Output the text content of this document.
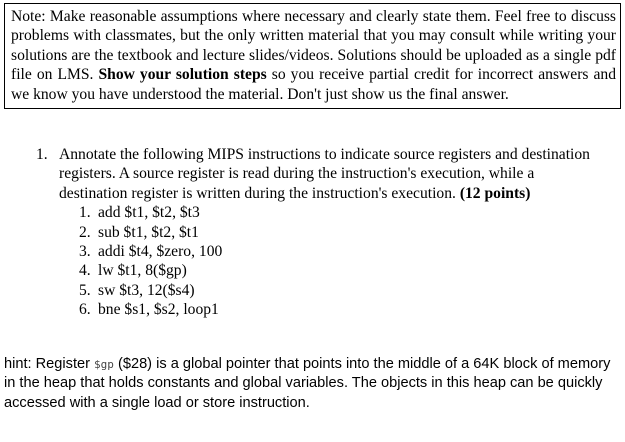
Note: Make reasonable assumptions where necessary and clearly state them. Feel free to discuss problems with classmates, but the only written material that you may consult while writing your solutions are the textbook and lecture slides/videos. Solutions should be uploaded as a single pdf file on LMS. Show your solution steps so you receive partial credit for incorrect answers and we know you have understood the material. Don't just show us the final answer.
1. Annotate the following MIPS instructions to indicate source registers and destination registers. A source register is read during the instruction's execution, while a destination register is written during the instruction's execution. (12 points)
1. add $t1, $t2, $t3
2. sub $t1, $t2, $t1
3. addi $t4, $zero, 100
4. lw $t1, 8($gp)
5. sw $t3, 12($s4)
6. bne $s1, $s2, loop1
hint: Register $gp ($28) is a global pointer that points into the middle of a 64K block of memory in the heap that holds constants and global variables. The objects in this heap can be quickly accessed with a single load or store instruction.
